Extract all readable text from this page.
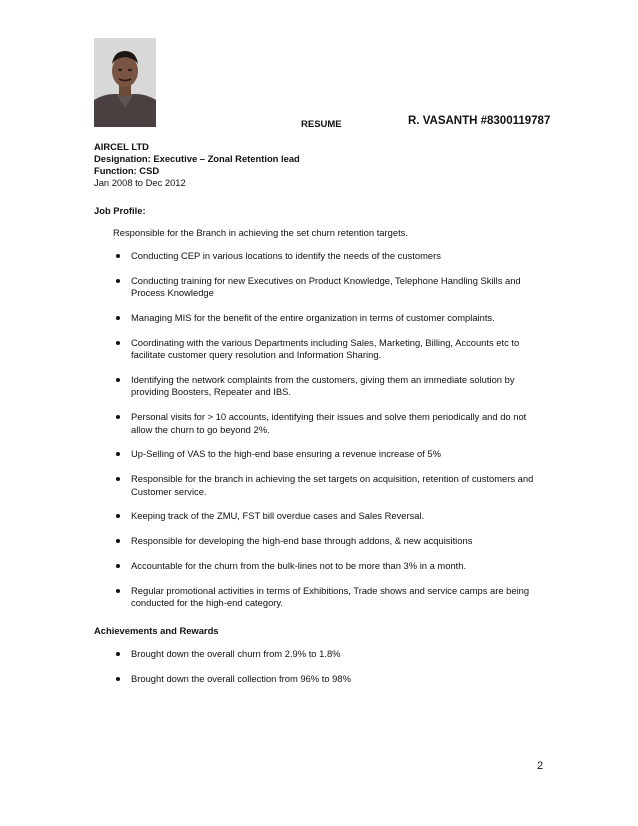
RESUME	R. VASANTH #8300119787
AIRCEL LTD
Designation: Executive – Zonal Retention lead
Function: CSD
Jan 2008 to Dec 2012
Job Profile:
Responsible for the Branch in achieving the set churn retention targets.
Conducting CEP in various locations to identify the needs of the customers
Conducting training for new Executives on Product Knowledge, Telephone Handling Skills and Process Knowledge
Managing MIS for the benefit of the entire organization in terms of customer complaints.
Coordinating with the various Departments including Sales, Marketing, Billing, Accounts etc to facilitate customer query resolution and Information Sharing.
Identifying the network complaints from the customers, giving them an immediate solution by providing Boosters, Repeater and IBS.
Personal visits for > 10 accounts, identifying their issues and solve them periodically and do not allow the churn to go beyond 2%.
Up-Selling of VAS to the high-end base ensuring a revenue increase of 5%
Responsible for the branch in achieving the set targets on acquisition, retention of customers and Customer service.
Keeping track of the ZMU, FST bill overdue cases and Sales Reversal.
Responsible for developing the high-end base through addons, & new acquisitions
Accountable for the churn from the bulk-lines not to be more than 3% in a month.
Regular promotional activities in terms of Exhibitions, Trade shows and service camps are being conducted for the high-end category.
Achievements and Rewards
Brought down the overall churn from 2.9% to 1.8%
Brought down the overall collection from 96% to 98%
2
